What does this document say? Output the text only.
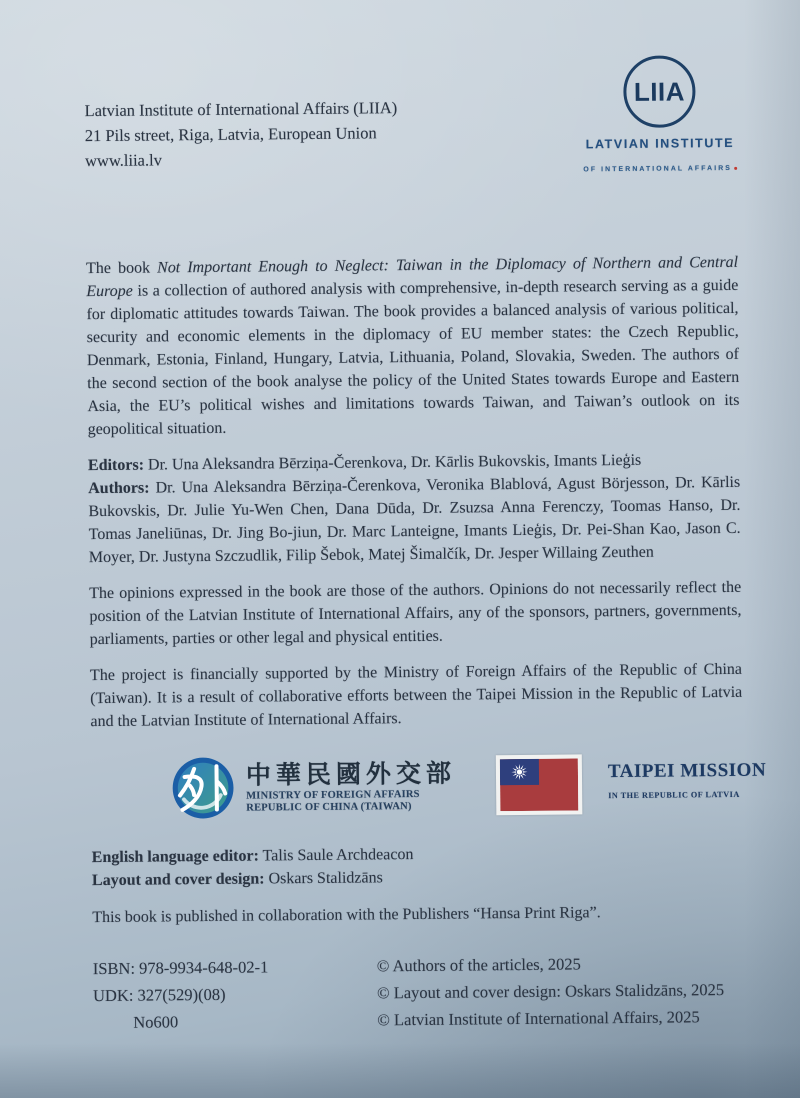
Latvian Institute of International Affairs (LIIA)
21 Pils street, Riga, Latvia, European Union
www.liia.lv
LIIA
LATVIAN INSTITUTE
OF INTERNATIONAL AFFAIRS

The book Not Important Enough to Neglect: Taiwan in the Diplomacy of Northern and Central Europe is a collection of authored analysis with comprehensive, in-depth research serving as a guide for diplomatic attitudes towards Taiwan. The book provides a balanced analysis of various political, security and economic elements in the diplomacy of EU member states: the Czech Republic, Denmark, Estonia, Finland, Hungary, Latvia, Lithuania, Poland, Slovakia, Sweden. The authors of the second section of the book analyse the policy of the United States towards Europe and Eastern Asia, the EU’s political wishes and limitations towards Taiwan, and Taiwan’s outlook on its geopolitical situation.

Editors: Dr. Una Aleksandra Bērziņa-Čerenkova, Dr. Kārlis Bukovskis, Imants Lieģis

Authors: Dr. Una Aleksandra Bērziņa-Čerenkova, Veronika Blablová, Agust Börjesson, Dr. Kārlis Bukovskis, Dr. Julie Yu-Wen Chen, Dana Dūda, Dr. Zsuzsa Anna Ferenczy, Toomas Hanso, Dr. Tomas Janeliūnas, Dr. Jing Bo-jiun, Dr. Marc Lanteigne, Imants Lieģis, Dr. Pei-Shan Kao, Jason C. Moyer, Dr. Justyna Szczudlik, Filip Šebok, Matej Šimalčík, Dr. Jesper Willaing Zeuthen

The opinions expressed in the book are those of the authors. Opinions do not necessarily reflect the position of the Latvian Institute of International Affairs, any of the sponsors, partners, governments, parliaments, parties or other legal and physical entities.

The project is financially supported by the Ministry of Foreign Affairs of the Republic of China (Taiwan). It is a result of collaborative efforts between the Taipei Mission in the Republic of Latvia and the Latvian Institute of International Affairs.

中華民國外交部
MINISTRY OF FOREIGN AFFAIRS
REPUBLIC OF CHINA (TAIWAN)
TAIPEI MISSION
IN THE REPUBLIC OF LATVIA

English language editor: Talis Saule Archdeacon

Layout and cover design: Oskars Stalidzāns

This book is published in collaboration with the Publishers “Hansa Print Riga”.

ISBN: 978-9934-648-02-1
UDK: 327(529)(08)
No600
© Authors of the articles, 2025
© Layout and cover design: Oskars Stalidzāns, 2025
© Latvian Institute of International Affairs, 2025
